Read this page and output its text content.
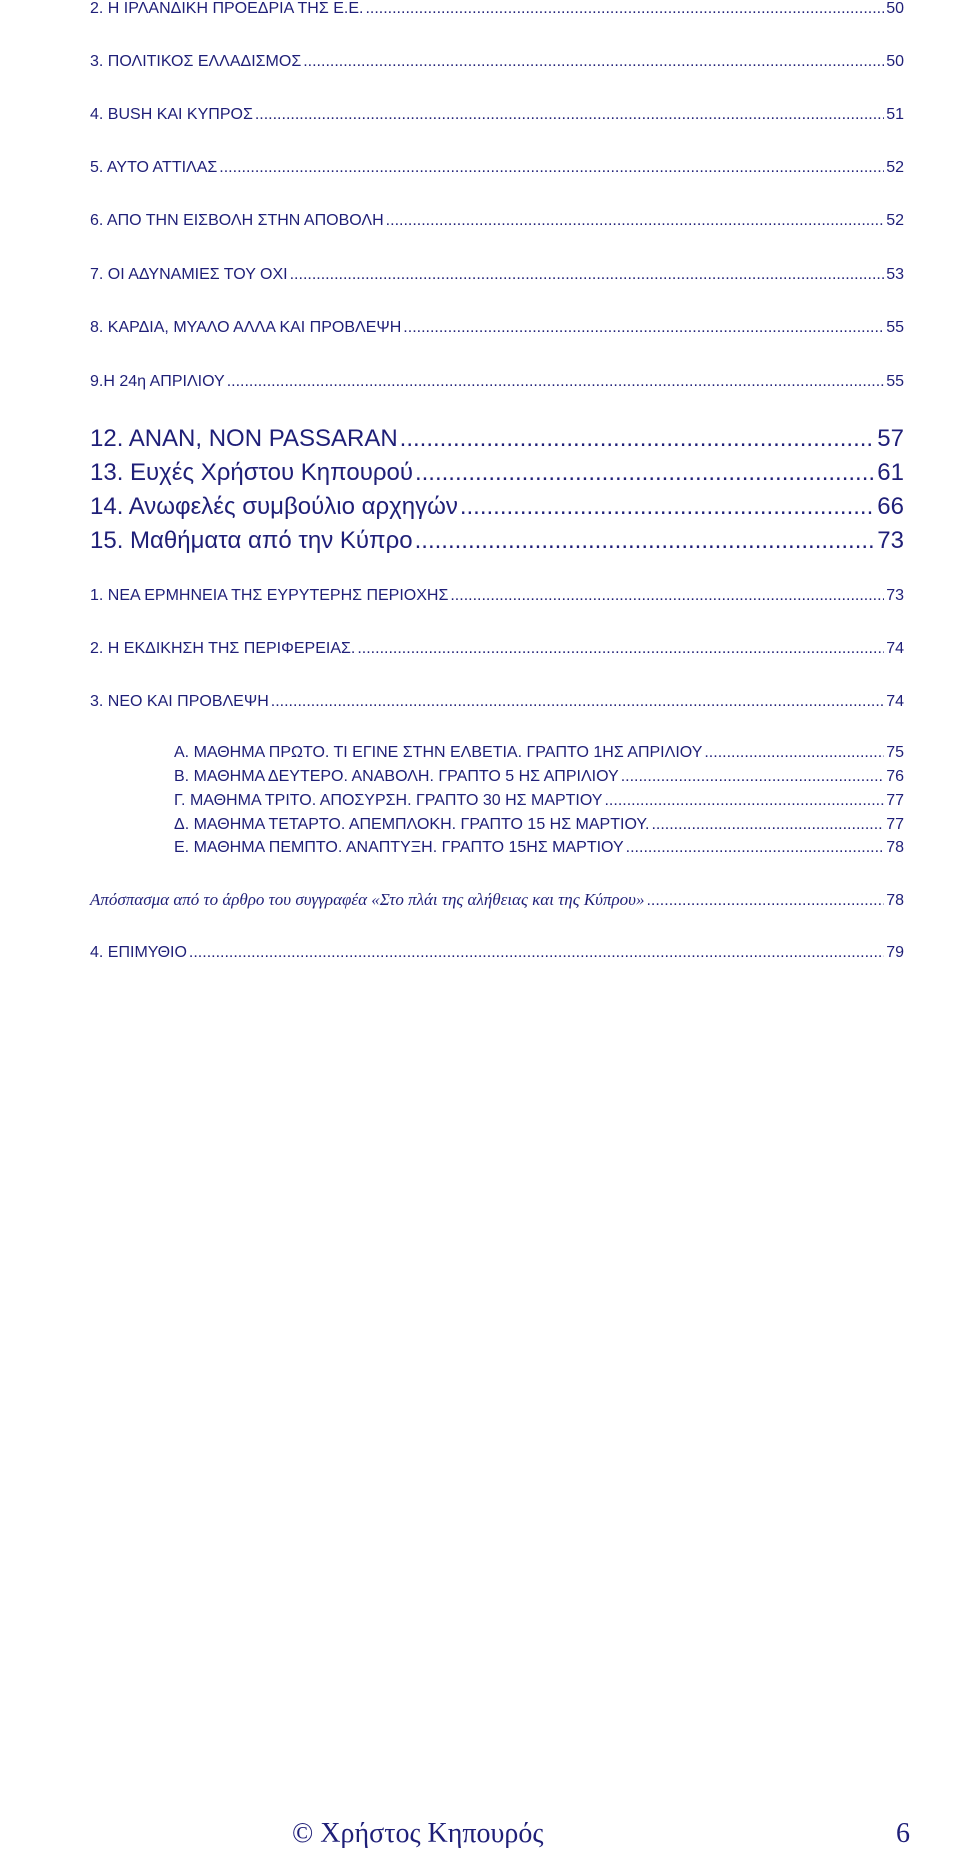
2. Η ΙΡΛΑΝΔΙΚΗ ΠΡΟΕΔΡΙΑ ΤΗΣ Ε.Ε. .....	50
3. ΠΟΛΙΤΙΚΟΣ ΕΛΛΑΔΙΣΜΟΣ .....	50
4. BUSH ΚΑΙ ΚΥΠΡΟΣ .....	51
5. ΑΥΤΟ ΑΤΤΙΛΑΣ .....	52
6. ΑΠΟ ΤΗΝ ΕΙΣΒΟΛΗ ΣΤΗΝ ΑΠΟΒΟΛΗ .....	52
7. ΟΙ ΑΔΥΝΑΜΙΕΣ ΤΟΥ ΟΧΙ .....	53
8. ΚΑΡΔΙΑ, ΜΥΑΛΟ ΑΛΛΑ ΚΑΙ ΠΡΟΒΛΕΨΗ .....	55
9.Η 24η ΑΠΡΙΛΙΟΥ .....	55
12. ΑΝΑΝ, NON PASSARAN .....	57
13. Ευχές Χρήστου Κηπουρού .....	61
14. Ανωφελές συμβούλιο αρχηγών .....	66
15. Μαθήματα από την Κύπρο .....	73
1. ΝΕΑ ΕΡΜΗΝΕΙΑ ΤΗΣ ΕΥΡΥΤΕΡΗΣ ΠΕΡΙΟΧΗΣ .....	73
2. Η ΕΚΔΙΚΗΣΗ ΤΗΣ ΠΕΡΙΦΕΡΕΙΑΣ. .....	74
3. ΝΕΟ ΚΑΙ ΠΡΟΒΛΕΨΗ .....	74
Α. ΜΑΘΗΜΑ ΠΡΩΤΟ. ΤΙ ΕΓΙΝΕ ΣΤΗΝ ΕΛΒΕΤΙΑ. ΓΡΑΠΤΟ 1ΗΣ ΑΠΡΙΛΙΟΥ .....	75
Β. ΜΑΘΗΜΑ ΔΕΥΤΕΡΟ. ΑΝΑΒΟΛΗ. ΓΡΑΠΤΟ 5 ΗΣ ΑΠΡΙΛΙΟΥ .....	76
Γ. ΜΑΘΗΜΑ ΤΡΙΤΟ. ΑΠΟΣΥΡΣΗ. ΓΡΑΠΤΟ 30 ΗΣ ΜΑΡΤΙΟΥ .....	77
Δ. ΜΑΘΗΜΑ ΤΕΤΑΡΤΟ. ΑΠΕΜΠΛΟΚΗ. ΓΡΑΠΤΟ 15 ΗΣ ΜΑΡΤΙΟΥ. .....	77
Ε. ΜΑΘΗΜΑ ΠΕΜΠΤΟ. ΑΝΑΠΤΥΞΗ. ΓΡΑΠΤΟ 15ΗΣ ΜΑΡΤΙΟΥ .....	78
Απόσπασμα από το άρθρο του συγγραφέα «Στο πλάι της αλήθειας και της Κύπρου» .....	78
4. ΕΠΙΜΥΘΙΟ .....	79
© Χρήστος Κηπουρός	6
